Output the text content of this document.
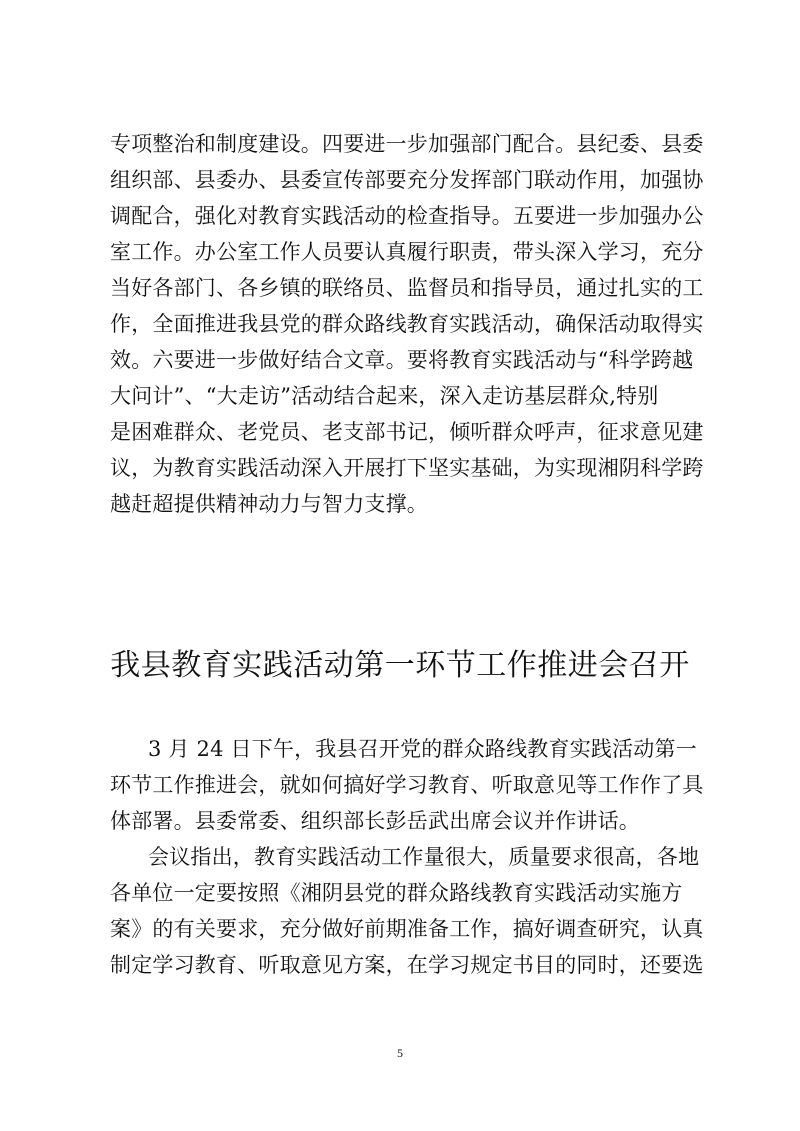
专项整治和制度建设。四要进一步加强部门配合。县纪委、县委
组织部、县委办、县委宣传部要充分发挥部门联动作用，加强协
调配合，强化对教育实践活动的检查指导。五要进一步加强办公
室工作。办公室工作人员要认真履行职责，带头深入学习，充分
当好各部门、各乡镇的联络员、监督员和指导员，通过扎实的工
作，全面推进我县党的群众路线教育实践活动，确保活动取得实
效。六要进一步做好结合文章。要将教育实践活动与“科学跨越
大问计”、“大走访”活动结合起来，深入走访基层群众,特别
是困难群众、老党员、老支部书记，倾听群众呼声，征求意见建
议，为教育实践活动深入开展打下坚实基础，为实现湘阴科学跨
越赶超提供精神动力与智力支撑。
我县教育实践活动第一环节工作推进会召开
3 月 24 日下午，我县召开党的群众路线教育实践活动第一
环节工作推进会，就如何搞好学习教育、听取意见等工作作了具
体部署。县委常委、组织部长彭岳武出席会议并作讲话。
会议指出，教育实践活动工作量很大，质量要求很高，各地
各单位一定要按照《湘阴县党的群众路线教育实践活动实施方
案》的有关要求，充分做好前期准备工作，搞好调查研究，认真
制定学习教育、听取意见方案，在学习规定书目的同时，还要选
5
